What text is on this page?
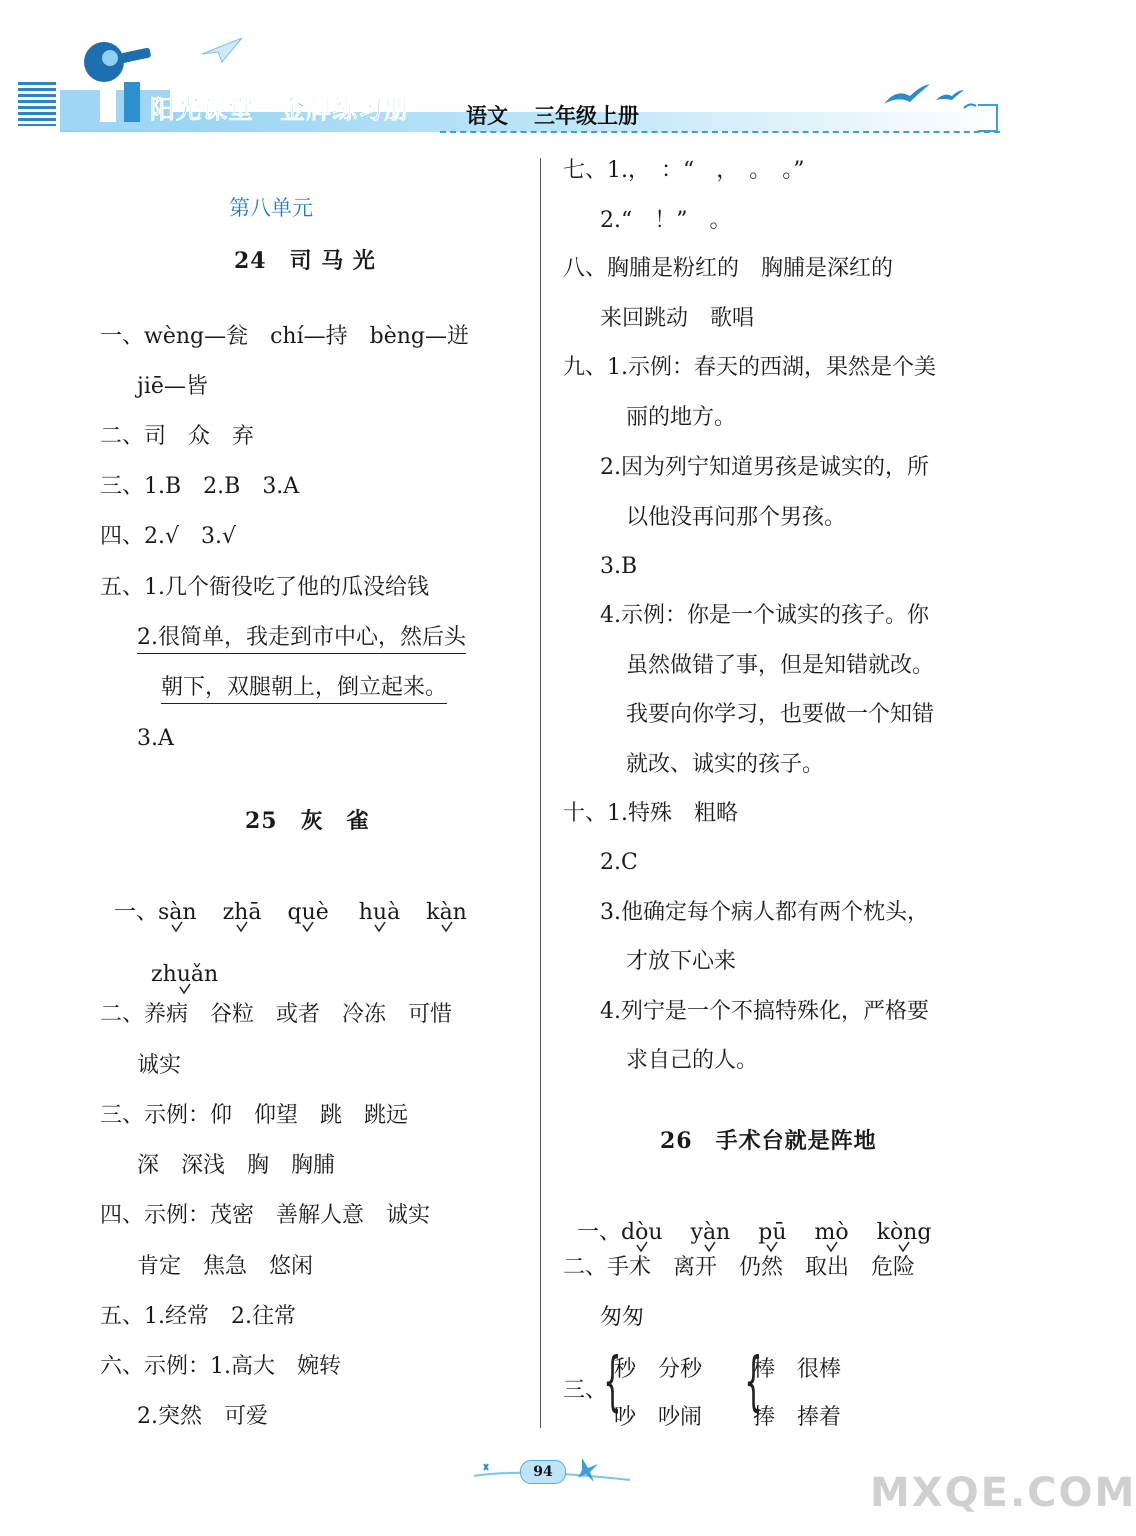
阳光课堂 金牌练习册	语文 三年级上册
第八单元
24　司 马 光
一、wèng—瓮　chí—持　bèng—迸
jiē—皆
二、司　众　弃
三、1.B　2.B　3.A
四、2.√　3.√
五、1.几个衙役吃了他的瓜没给钱
2.很简单，我走到市中心，然后头
朝下，双腿朝上，倒立起来。
3.A
25　灰　雀

一、sàn zhā què huà kàn

zhuǎn

二、养病　谷粒　或者　冷冻　可惜
诚实
三、示例：仰　仰望　跳　跳远
深　深浅　胸　胸脯
四、示例：茂密　善解人意　诚实
肯定　焦急　悠闲
五、1.经常　2.往常
六、示例：1.高大　婉转
2.突然　可爱
七、1.，　：“　，　。　。”
2.“　！”　。
八、胸脯是粉红的　胸脯是深红的
来回跳动　歌唱
九、1.示例：春天的西湖，果然是个美
丽的地方。
2.因为列宁知道男孩是诚实的，所
以他没再问那个男孩。
3.B
4.示例：你是一个诚实的孩子。你
虽然做错了事，但是知错就改。
我要向你学习，也要做一个知错
就改、诚实的孩子。
十、1.特殊　粗略
2.C
3.他确定每个病人都有两个枕头，
才放下心来
4.列宁是一个不搞特殊化，严格要
求自己的人。
26　手术台就是阵地

一、dòu yàn pū mò kòng

二、手术　离开　仍然　取出　危险
匆匆
三、
{
秒　分秒
吵　吵闹 {
棒　很棒
捧　捧着
94	MXQE.COM
